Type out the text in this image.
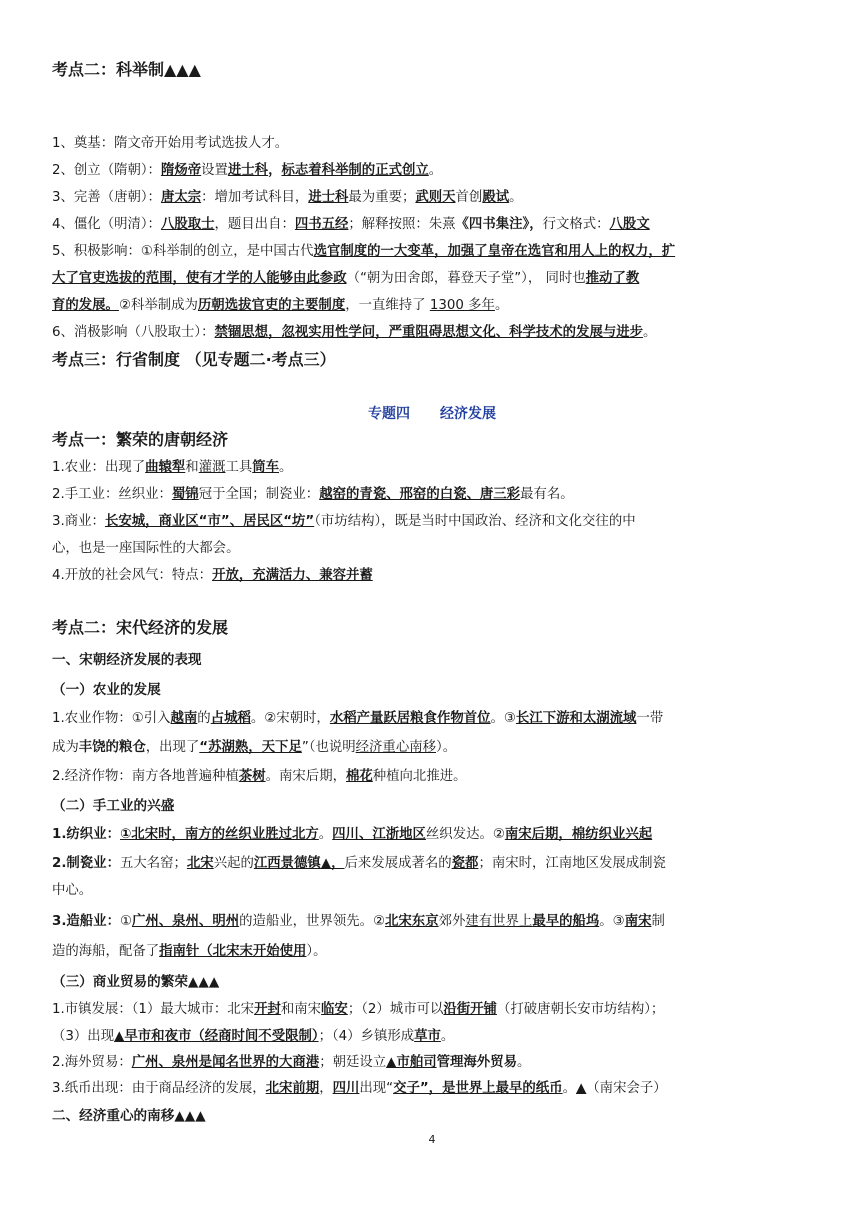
考点二：科举制▲▲▲
1、奠基：隋文帝开始用考试选拔人才。
2、创立（隋朝）：隋炀帝设置进士科，标志着科举制的正式创立。
3、完善（唐朝）：唐太宗：增加考试科目，进士科最为重要；武则天首创殿试。
4、僵化（明清）：八股取士，题目出自：四书五经；解释按照：朱熹《四书集注》，行文格式：八股文
5、积极影响：①科举制的创立，是中国古代选官制度的一大变革，加强了皇帝在选官和用人上的权力，扩
大了官吏选拔的范围，使有才学的人能够由此参政（“朝为田舍郎，暮登天子堂”）， 同时也推动了教
育的发展。②科举制成为历朝选拔官吏的主要制度，一直维持了 1300 多年。
6、消极影响（八股取士）：禁锢思想，忽视实用性学问，严重阻碍思想文化、科学技术的发展与进步。
考点三：行省制度 （见专题二·考点三）
专题四 经济发展
考点一：繁荣的唐朝经济
1.农业：出现了曲辕犁和灌溉工具筒车。
2.手工业：丝织业：蜀锦冠于全国；制瓷业：越窑的青瓷、邢窑的白瓷、唐三彩最有名。
3.商业：长安城，商业区“市”、居民区“坊”（市坊结构），既是当时中国政治、经济和文化交往的中
心，也是一座国际性的大都会。
4.开放的社会风气：特点：开放，充满活力、兼容并蓄
考点二：宋代经济的发展
一、宋朝经济发展的表现
（一）农业的发展
1.农业作物：①引入越南的占城稻。②宋朝时，水稻产量跃居粮食作物首位。③长江下游和太湖流域一带
成为丰饶的粮仓，出现了“苏湖熟，天下足”（也说明经济重心南移）。
2.经济作物：南方各地普遍种植茶树。南宋后期，棉花种植向北推进。
（二）手工业的兴盛
1.纺织业：①北宋时，南方的丝织业胜过北方。四川、江浙地区丝织发达。②南宋后期，棉纺织业兴起
2.制瓷业：五大名窑；北宋兴起的江西景德镇▲，后来发展成著名的瓷都；南宋时，江南地区发展成制瓷
中心。
3.造船业：①广州、泉州、明州的造船业，世界领先。②北宋东京郊外建有世界上最早的船坞。③南宋制
造的海船，配备了指南针（北宋末开始使用）。
（三）商业贸易的繁荣▲▲▲
1.市镇发展：（1）最大城市：北宋开封和南宋临安；（2）城市可以沿街开铺（打破唐朝长安市坊结构）；
（3）出现▲早市和夜市（经商时间不受限制）；（4）乡镇形成草市。
2.海外贸易：广州、泉州是闻名世界的大商港；朝廷设立▲市舶司管理海外贸易。
3.纸币出现：由于商品经济的发展，北宋前期，四川出现“交子”，是世界上最早的纸币。▲（南宋会子）
二、经济重心的南移▲▲▲
4
